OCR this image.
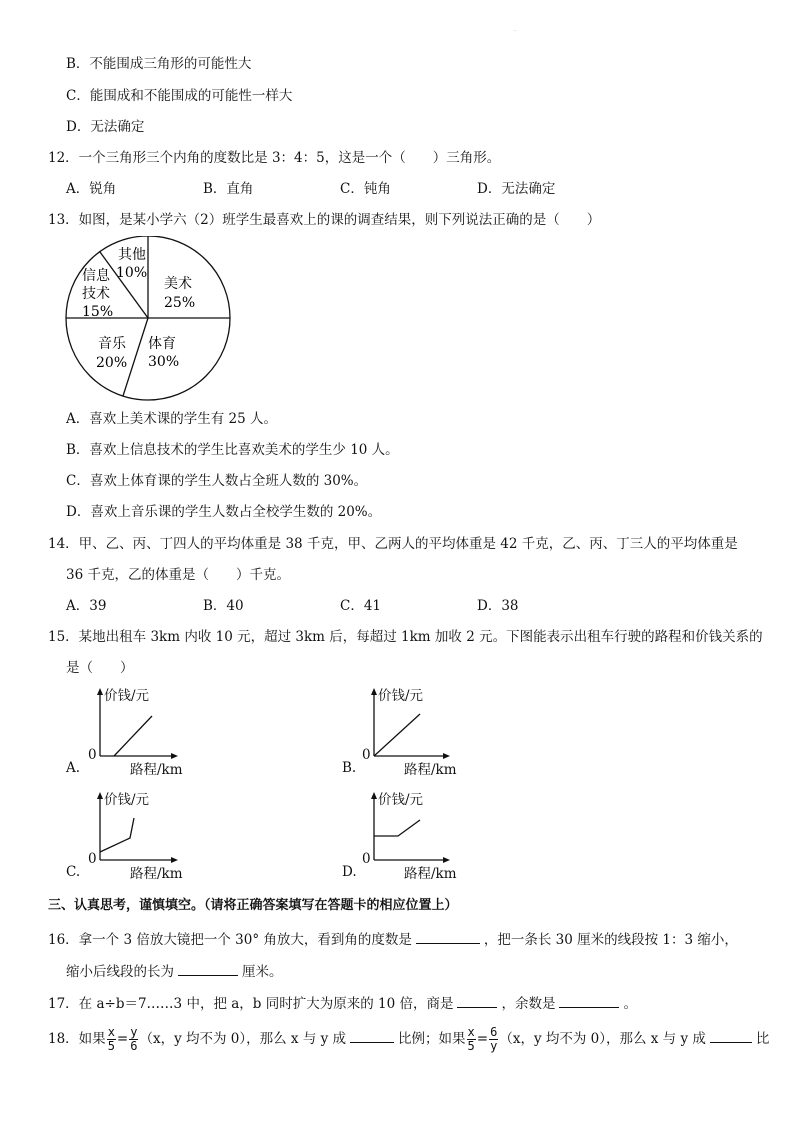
·
B．不能围成三角形的可能性大
C．能围成和不能围成的可能性一样大
D．无法确定
12．一个三角形三个内角的度数比是 3：4：5，这是一个（　　）三角形。
A．锐角	B．直角	C．钝角	D．无法确定
13．如图，是某小学六（2）班学生最喜欢上的课的调查结果，则下列说法正确的是（　　）
美术
25%
体育
30%
音乐
20%
信息
技术
15%
其他
10%
A．喜欢上美术课的学生有 25 人。
B．喜欢上信息技术的学生比喜欢美术的学生少 10 人。
C．喜欢上体育课的学生人数占全班人数的 30%。
D．喜欢上音乐课的学生人数占全校学生数的 20%。
14．甲、乙、丙、丁四人的平均体重是 38 千克，甲、乙两人的平均体重是 42 千克，乙、丙、丁三人的平均体重是
36 千克，乙的体重是（　　）千克。
A．39	B．40	C．41	D．38
15．某地出租车 3km 内收 10 元，超过 3km 后，每超过 1km 加收 2 元。下图能表示出租车行驶的路程和价钱关系的
是（　　）
价钱/元
0
路程/km
A.
价钱/元
0
路程/km
B.
价钱/元
0
路程/km
C.
价钱/元
0
路程/km
D.
三、认真思考，谨慎填空。（请将正确答案填写在答题卡的相应位置上）
16．拿一个 3 倍放大镜把一个 30° 角放大，看到角的度数是	，把一条长 30 厘米的线段按 1：3 缩小，
缩小后线段的长为	厘米。
17．在 a÷b＝7……3 中，把 a，b 同时扩大为原来的 10 倍，商是	，余数是	。
18．如果 $\frac{x}{5} = \frac{y}{6} (x$，y 均不为 0），那么 x 与 y 成	比例；如果 $\frac{x}{5} = \frac{6}{y} (x$，y 均不为 0），那么 x 与 y 成	比
